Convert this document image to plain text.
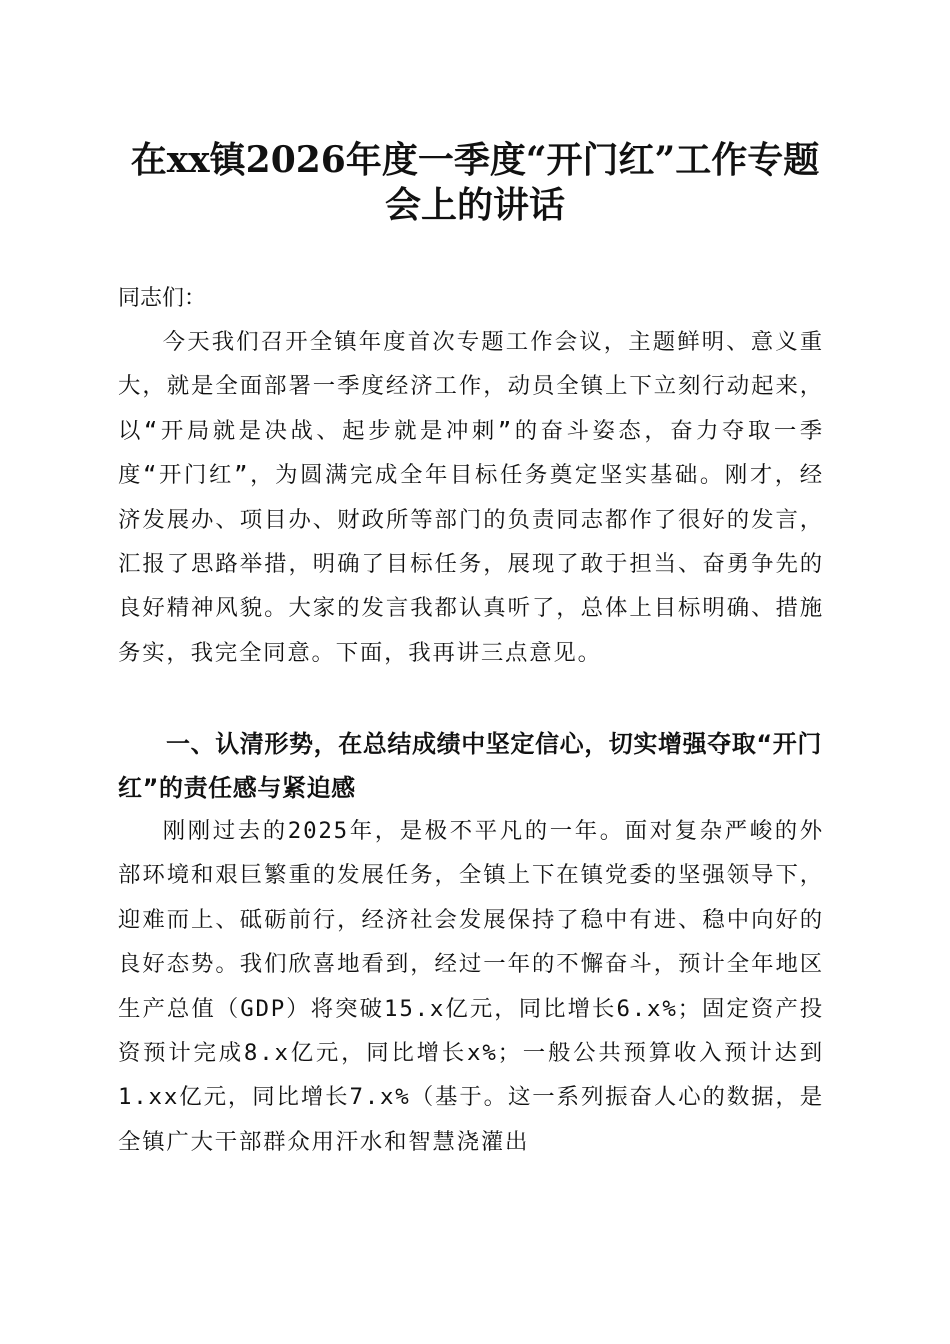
在xx镇2026年度一季度“开门红”工作专题
会上的讲话

同志们：

今天我们召开全镇年度首次专题工作会议，主题鲜明、意义重大，就是全面部署一季度经济工作，动员全镇上下立刻行动起来，以“开局就是决战、起步就是冲刺”的奋斗姿态，奋力夺取一季度“开门红”，为圆满完成全年目标任务奠定坚实基础。刚才，经济发展办、项目办、财政所等部门的负责同志都作了很好的发言，汇报了思路举措，明确了目标任务，展现了敢于担当、奋勇争先的良好精神风貌。大家的发言我都认真听了，总体上目标明确、措施务实，我完全同意。下面，我再讲三点意见。

一、认清形势，在总结成绩中坚定信心，切实增强夺取“开门红”的责任感与紧迫感

刚刚过去的2025年，是极不平凡的一年。面对复杂严峻的外部环境和艰巨繁重的发展任务，全镇上下在镇党委的坚强领导下，迎难而上、砥砺前行，经济社会发展保持了稳中有进、稳中向好的良好态势。我们欣喜地看到，经过一年的不懈奋斗，预计全年地区生产总值（GDP）将突破15.x亿元，同比增长6.x%；固定资产投资预计完成8.x亿元，同比增长x%；一般公共预算收入预计达到1.xx亿元，同比增长7.x%（基于。这一系列振奋人心的数据，是全镇广大干部群众用汗水和智慧浇灌出
